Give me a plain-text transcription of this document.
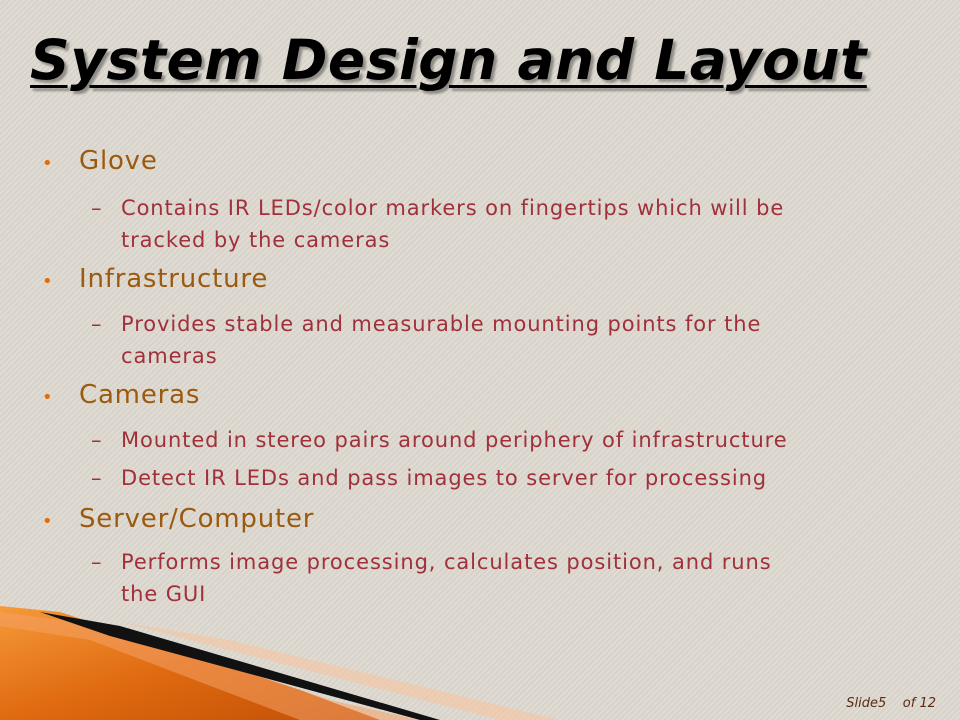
System Design and Layout
•	Glove
– Contains IR LEDs/color markers on fingertips which will be
tracked by the cameras
•	Infrastructure
– Provides stable and measurable mounting points for the
cameras
•	Cameras
– Mounted in stereo pairs around periphery of infrastructure
– Detect IR LEDs and pass images to server for processing
•	Server/Computer
– Performs image processing, calculates position, and runs
the GUI
Slide5 of 12
